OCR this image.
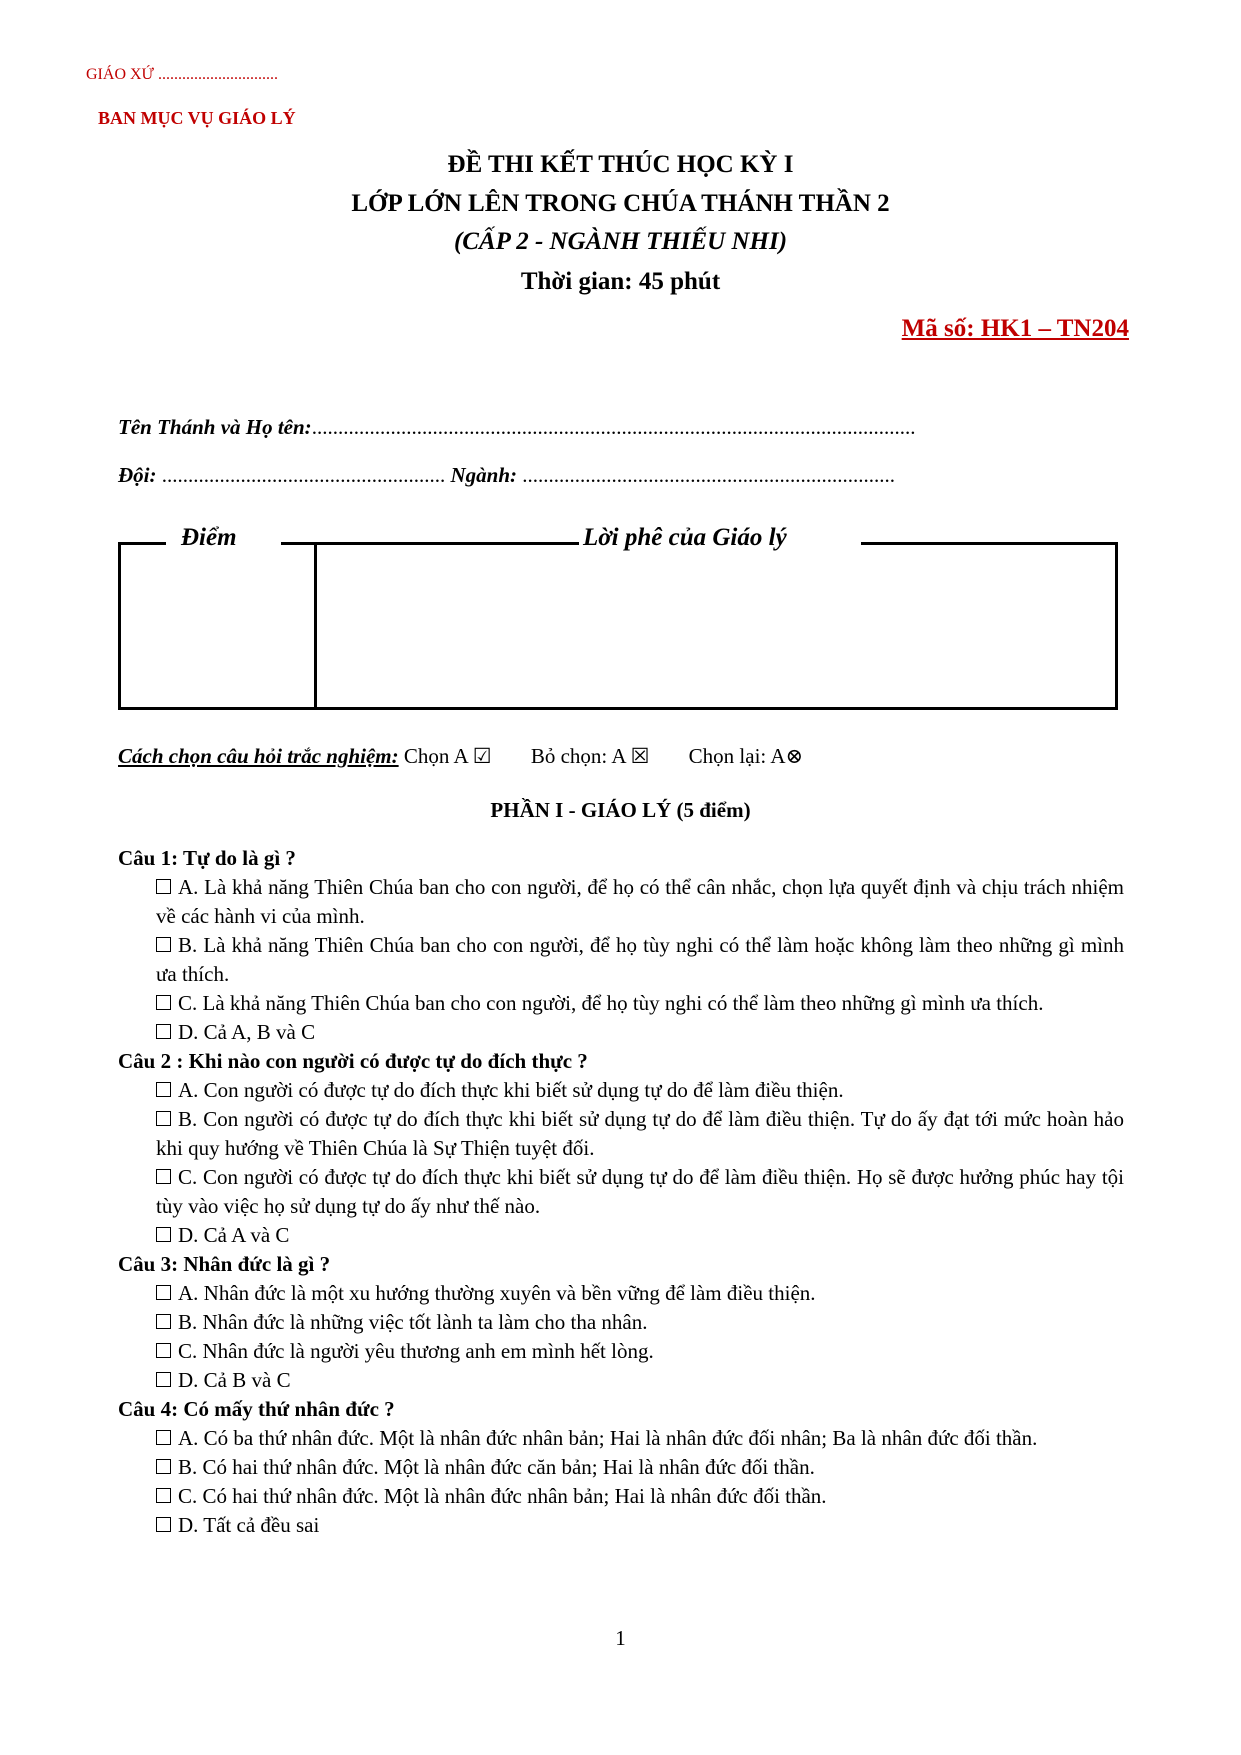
GIÁO XỨ ..............................
BAN MỤC VỤ GIÁO LÝ
ĐỀ THI KẾT THÚC HỌC KỲ I
LỚP LỚN LÊN TRONG CHÚA THÁNH THẦN 2
(CẤP 2 - NGÀNH THIẾU NHI)
Thời gian: 45 phút
Mã số: HK1 – TN204
Tên Thánh và Họ tên:...................................................................................................................
Đội: ...................................................... Ngành: .......................................................................
Điểm	Lời phê của Giáo lý
Cách chọn câu hỏi trắc nghiệm: Chọn A ☑ Bỏ chọn: A ☒ Chọn lại: A⊗
PHẦN I - GIÁO LÝ (5 điểm)
Câu 1: Tự do là gì ?
A. Là khả năng Thiên Chúa ban cho con người, để họ có thể cân nhắc, chọn lựa quyết định và chịu trách nhiệm về các hành vi của mình.
B. Là khả năng Thiên Chúa ban cho con người, để họ tùy nghi có thể làm hoặc không làm theo những gì mình ưa thích.
C. Là khả năng Thiên Chúa ban cho con người, để họ tùy nghi có thể làm theo những gì mình ưa thích.
D. Cả A, B và C
Câu 2 : Khi nào con người có được tự do đích thực ?
A. Con người có được tự do đích thực khi biết sử dụng tự do để làm điều thiện.
B. Con người có được tự do đích thực khi biết sử dụng tự do để làm điều thiện. Tự do ấy đạt tới mức hoàn hảo khi quy hướng về Thiên Chúa là Sự Thiện tuyệt đối.
C. Con người có được tự do đích thực khi biết sử dụng tự do để làm điều thiện. Họ sẽ được hưởng phúc hay tội tùy vào việc họ sử dụng tự do ấy như thế nào.
D. Cả A và C
Câu 3: Nhân đức là gì ?
A. Nhân đức là một xu hướng thường xuyên và bền vững để làm điều thiện.
B. Nhân đức là những việc tốt lành ta làm cho tha nhân.
C. Nhân đức là người yêu thương anh em mình hết lòng.
D. Cả B và C
Câu 4: Có mấy thứ nhân đức ?
A. Có ba thứ nhân đức. Một là nhân đức nhân bản; Hai là nhân đức đối nhân; Ba là nhân đức đối thần.
B. Có hai thứ nhân đức. Một là nhân đức căn bản; Hai là nhân đức đối thần.
C. Có hai thứ nhân đức. Một là nhân đức nhân bản; Hai là nhân đức đối thần.
D. Tất cả đều sai
1
